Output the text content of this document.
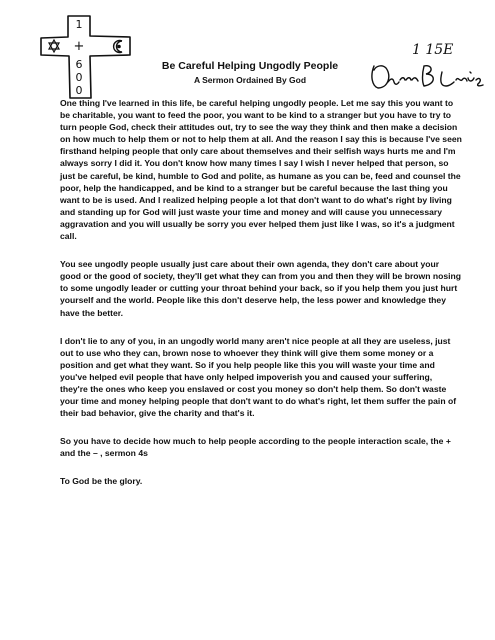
1
+
6
0
0
Be Careful Helping Ungodly People
A Sermon Ordained By God
1 15E

One thing I've learned in this life, be careful helping ungodly people. Let me say this you want to be charitable, you want to feed the poor, you want to be kind to a stranger but you have to try to turn people God, check their attitudes out, try to see the way they think and then make a decision on how much to help them or not to help them at all. And the reason I say this is because I've seen firsthand helping people that only care about themselves and their selfish ways hurts me and I'm always sorry I did it. You don't know how many times I say I wish I never helped that person, so just be careful, be kind, humble to God and polite, as humane as you can be, feed and counsel the poor, help the handicapped, and be kind to a stranger but be careful because the last thing you want to be is used. And I realized helping people a lot that don't want to do what's right by living and standing up for God will just waste your time and money and will cause you unnecessary aggravation and you will usually be sorry you ever helped them just like I was, so it's a judgment call.

You see ungodly people usually just care about their own agenda, they don't care about your good or the good of society, they'll get what they can from you and then they will be brown nosing to some ungodly leader or cutting your throat behind your back, so if you help them you just hurt yourself and the world. People like this don't deserve help, the less power and knowledge they have the better.

I don't lie to any of you, in an ungodly world many aren't nice people at all they are useless, just out to use who they can, brown nose to whoever they think will give them some money or a position and get what they want. So if you help people like this you will waste your time and you've helped evil people that have only helped impoverish you and caused your suffering, they're the ones who keep you enslaved or cost you money so don't help them. So don't waste your time and money helping people that don't want to do what's right, let them suffer the pain of their bad behavior, give the charity and that's it.

So you have to decide how much to help people according to the people interaction scale, the + and the – , sermon 4s

To God be the glory.
